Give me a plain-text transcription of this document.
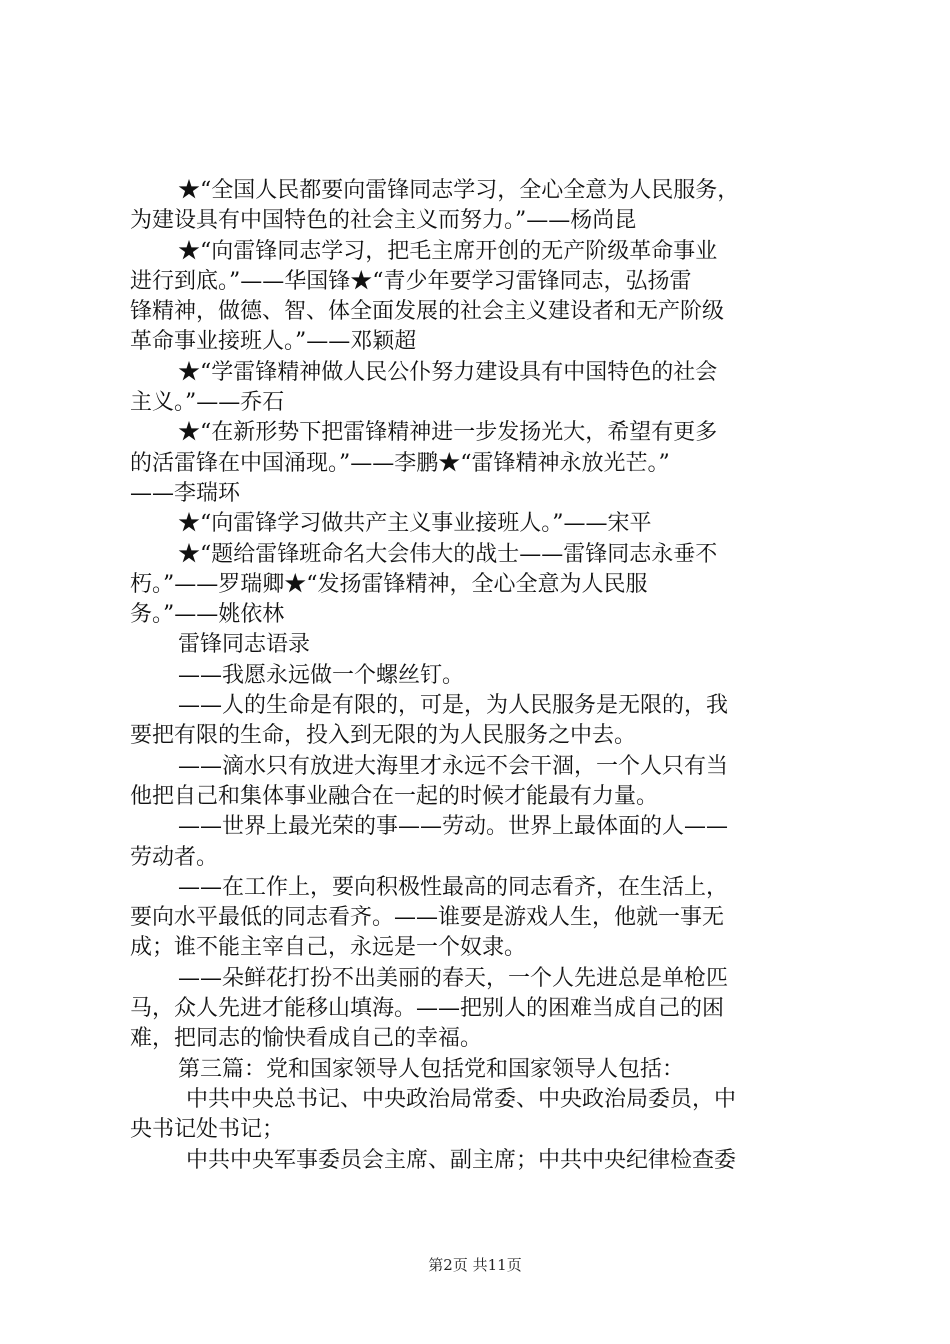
★“全国人民都要向雷锋同志学习，全心全意为人民服务，
为建设具有中国特色的社会主义而努力。”——杨尚昆
★“向雷锋同志学习，把毛主席开创的无产阶级革命事业
进行到底。”——华国锋★“青少年要学习雷锋同志，弘扬雷
锋精神，做德、智、体全面发展的社会主义建设者和无产阶级
革命事业接班人。”——邓颖超
★“学雷锋精神做人民公仆努力建设具有中国特色的社会
主义。”——乔石
★“在新形势下把雷锋精神进一步发扬光大，希望有更多
的活雷锋在中国涌现。”——李鹏★“雷锋精神永放光芒。”
——李瑞环
★“向雷锋学习做共产主义事业接班人。”——宋平
★“题给雷锋班命名大会伟大的战士——雷锋同志永垂不
朽。”——罗瑞卿★“发扬雷锋精神，全心全意为人民服
务。”——姚依林
雷锋同志语录
——我愿永远做一个螺丝钉。
——人的生命是有限的，可是，为人民服务是无限的，我
要把有限的生命，投入到无限的为人民服务之中去。
——滴水只有放进大海里才永远不会干涸，一个人只有当
他把自己和集体事业融合在一起的时候才能最有力量。
——世界上最光荣的事——劳动。世界上最体面的人——
劳动者。
——在工作上，要向积极性最高的同志看齐，在生活上，
要向水平最低的同志看齐。——谁要是游戏人生，他就一事无
成；谁不能主宰自己，永远是一个奴隶。
——朵鲜花打扮不出美丽的春天，一个人先进总是单枪匹
马，众人先进才能移山填海。——把别人的困难当成自己的困
难，把同志的愉快看成自己的幸福。
第三篇：党和国家领导人包括党和国家领导人包括：
中共中央总书记、中央政治局常委、中央政治局委员，中
央书记处书记；
中共中央军事委员会主席、副主席；中共中央纪律检查委
第2页 共11页
